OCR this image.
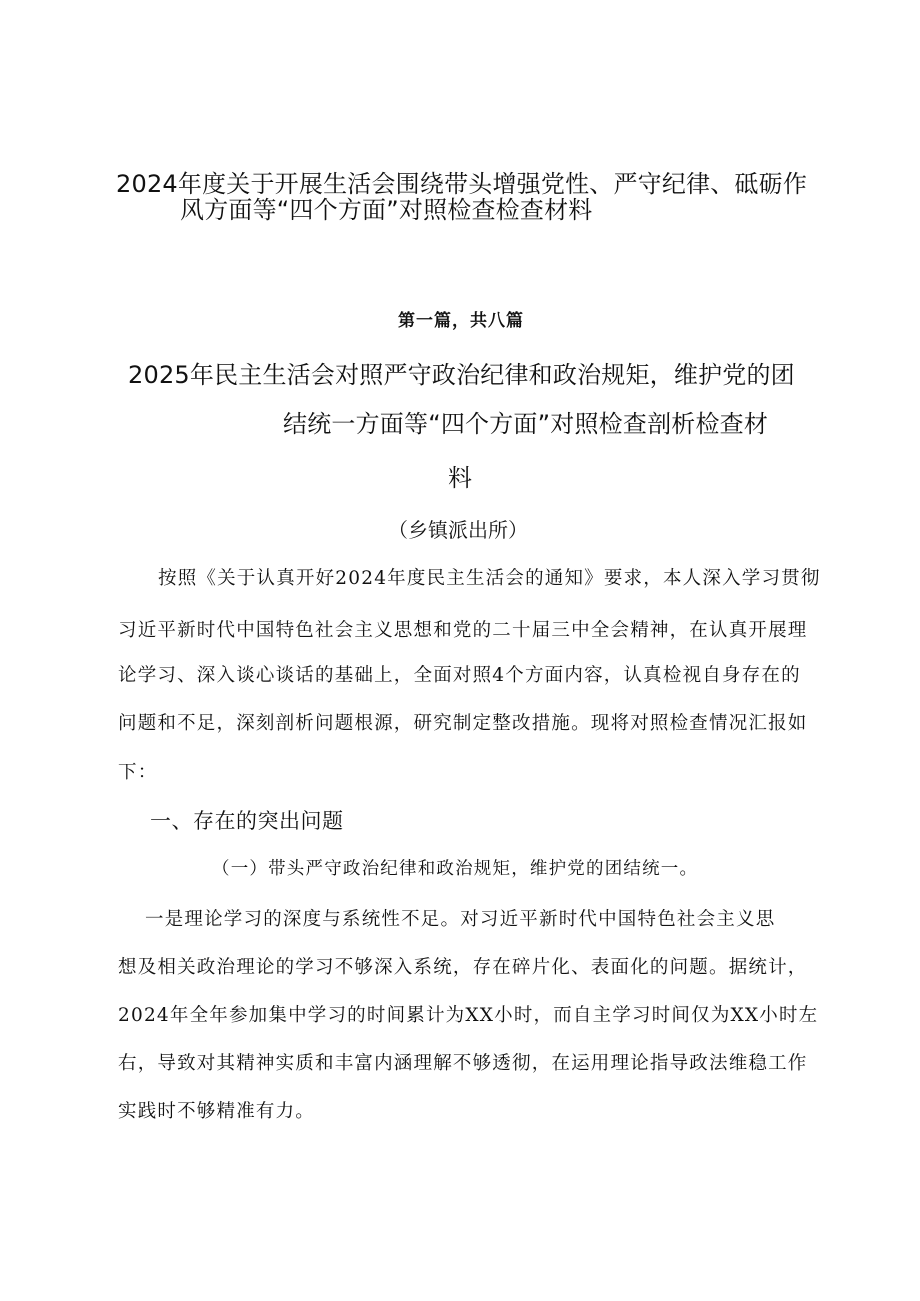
2024年度关于开展生活会围绕带头增强党性、严守纪律、砥砺作
风方面等“四个方面”对照检查检查材料
第一篇，共八篇
2025年民主生活会对照严守政治纪律和政治规矩，维护党的团
结统一方面等“四个方面”对照检查剖析检查材
料
（乡镇派出所）
按照《关于认真开好2024年度民主生活会的通知》要求，本人深入学习贯彻
习近平新时代中国特色社会主义思想和党的二十届三中全会精神，在认真开展理
论学习、深入谈心谈话的基础上，全面对照4个方面内容，认真检视自身存在的
问题和不足，深刻剖析问题根源，研究制定整改措施。现将对照检查情况汇报如
下：
一、存在的突出问题
（一）带头严守政治纪律和政治规矩，维护党的团结统一。
一是理论学习的深度与系统性不足。对习近平新时代中国特色社会主义思
想及相关政治理论的学习不够深入系统，存在碎片化、表面化的问题。据统计，
2024年全年参加集中学习的时间累计为XX小时，而自主学习时间仅为XX小时左
右，导致对其精神实质和丰富内涵理解不够透彻，在运用理论指导政法维稳工作
实践时不够精准有力。
